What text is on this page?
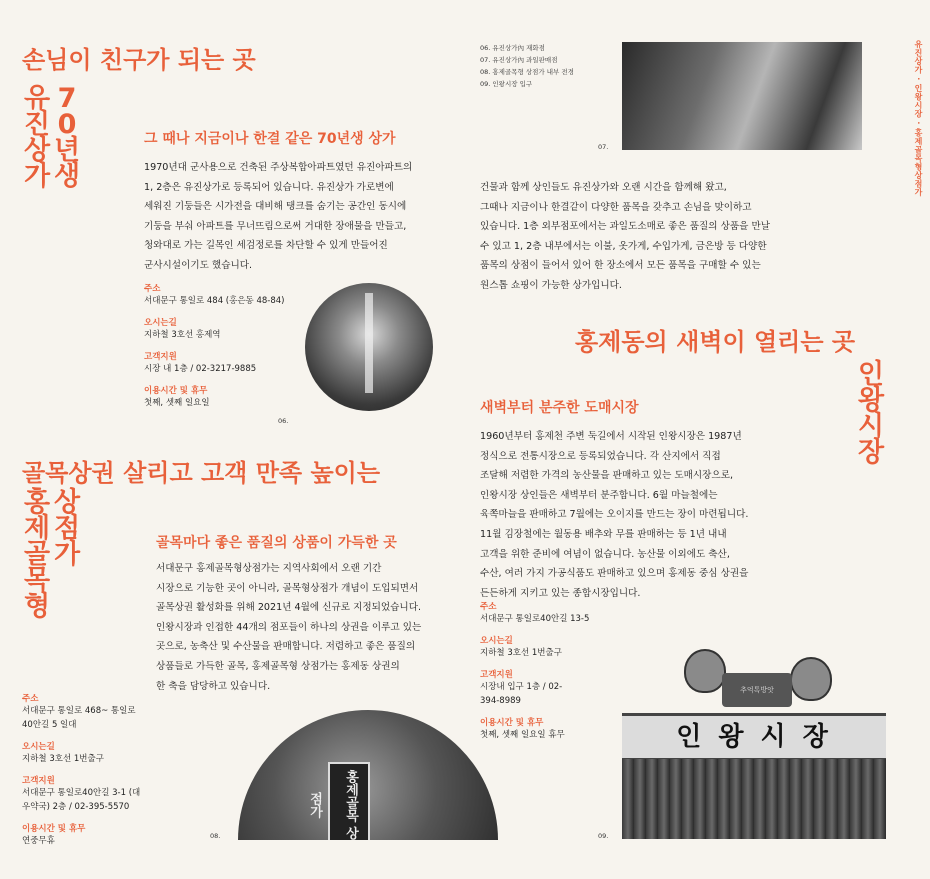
유진상가 · 인왕시장 · 홍제골목형상점가
손님이 친구가 되는 곳
유
진
상
가
7
0
년
생
그 때나 지금이나 한결 같은 70년생 상가
1970년대 군사용으로 건축된 주상복합아파트였던 유진아파트의
1, 2층은 유진상가로 등록되어 있습니다. 유진상가 가로변에
세워진 기둥들은 시가전을 대비해 탱크를 숨기는 공간인 동시에
기둥을 부숴 아파트를 무너뜨림으로써 거대한 장애물을 만들고,
청와대로 가는 길목인 세검정로를 차단할 수 있게 만들어진
군사시설이기도 했습니다.
주소
서대문구 통일로 484 (홍은동 48-84)
오시는길
지하철 3호선 홍제역
고객지원
시장 내 1층 / 02-3217-9885
이용시간 및 휴무
첫째, 셋째 일요일
06.
골목상권 살리고 고객 만족 높이는
홍
제
골
목
형
상
점
가	골목마다 좋은 품질의 상품이 가득한 곳
서대문구 홍제골목형상점가는 지역사회에서 오랜 기간
시장으로 기능한 곳이 아니라, 골목형상점가 개념이 도입되면서
골목상권 활성화를 위해 2021년 4월에 신규로 지정되었습니다.
인왕시장과 인접한 44개의 점포들이 하나의 상권을 이루고 있는
곳으로, 농축산 및 수산물을 판매합니다. 저렴하고 좋은 품질의
상품들로 가득한 골목, 홍제골목형 상점가는 홍제동 상권의
한 축을 담당하고 있습니다.
주소
서대문구 통일로 468~ 통일로40안길 5 일대
오시는길
지하철 3호선 1번출구
고객지원
서대문구 통일로40안길 3-1 (대우약국) 2층 / 02-395-5570
이용시간 및 휴무
연중무휴
홍제골목 상점가
08.
06. 유진상가內 재화점
07. 유진상가內 과일판매점
08. 홍제골목형 상점가 내부 전경
09. 인왕시장 입구
07.
건물과 함께 상인들도 유진상가와 오랜 시간을 함께해 왔고,
그때나 지금이나 한결같이 다양한 품목을 갖추고 손님을 맞이하고
있습니다. 1층 외부점포에서는 과일도소매로 좋은 품질의 상품을 만날
수 있고 1, 2층 내부에서는 이불, 옷가게, 수입가게, 금은방 등 다양한
품목의 상점이 들어서 있어 한 장소에서 모든 품목을 구매할 수 있는
원스톱 쇼핑이 가능한 상가입니다.
홍제동의 새벽이 열리는 곳
인
왕
시
장
새벽부터 분주한 도매시장
1960년부터 홍제천 주변 둑길에서 시작된 인왕시장은 1987년
정식으로 전통시장으로 등록되었습니다. 각 산지에서 직접
조달해 저렴한 가격의 농산물을 판매하고 있는 도매시장으로,
인왕시장 상인들은 새벽부터 분주합니다. 6월 마늘철에는
육쪽마늘을 판매하고 7월에는 오이지를 만드는 장이 마련됩니다.
11월 김장철에는 월동용 배추와 무를 판매하는 등 1년 내내
고객을 위한 준비에 여념이 없습니다. 농산물 이외에도 축산,
수산, 여러 가지 가공식품도 판매하고 있으며 홍제동 중심 상권을
든든하게 지키고 있는 종합시장입니다.
주소
서대문구 통일로40안길 13-5
오시는길
지하철 3호선 1번출구
고객지원
시장내 입구 1층 / 02-394-8989
이용시간 및 휴무
첫째, 셋째 일요일 휴무
추억톡방앗
인 왕 시 장
09.
